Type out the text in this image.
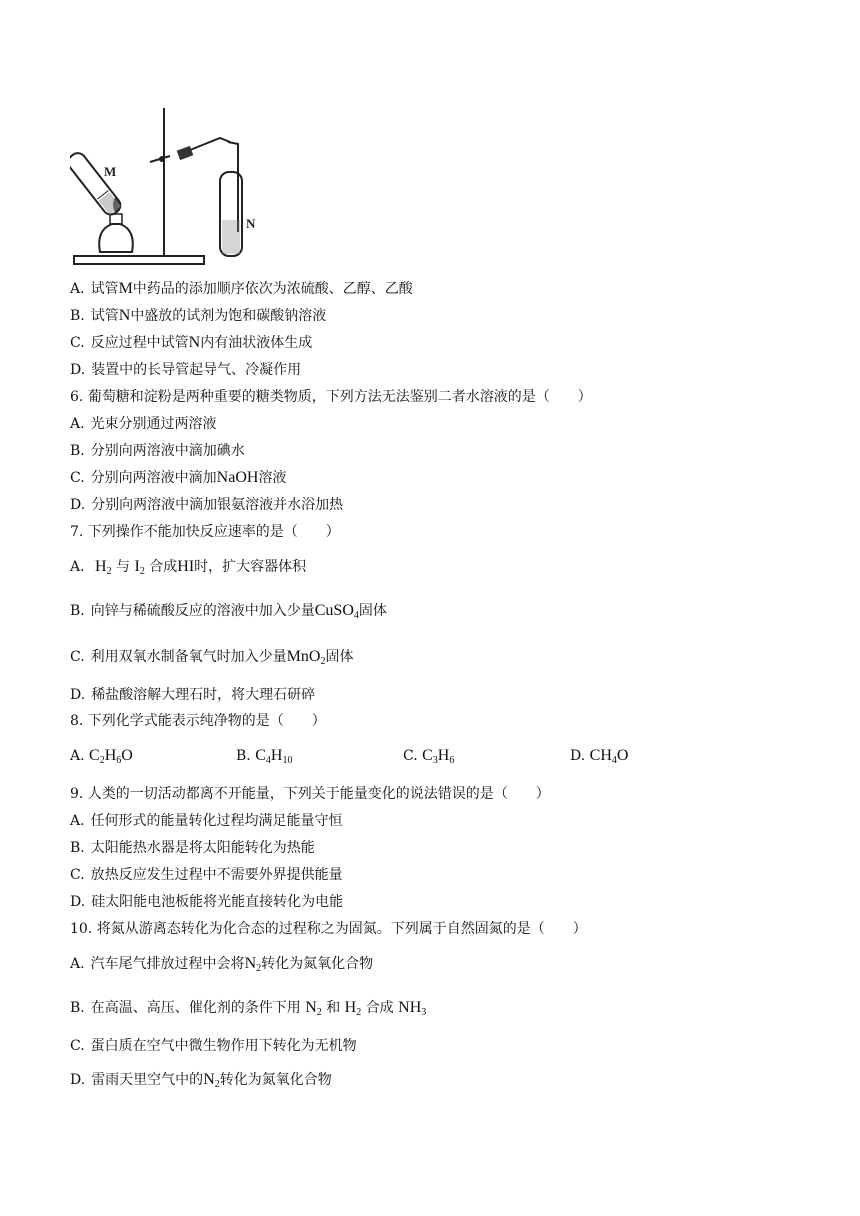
M
N
A. 试管M中药品的添加顺序依次为浓硫酸、乙醇、乙酸
B. 试管N中盛放的试剂为饱和碳酸钠溶液
C. 反应过程中试管N内有油状液体生成
D. 装置中的长导管起导气、冷凝作用
6. 葡萄糖和淀粉是两种重要的糖类物质，下列方法无法鉴别二者水溶液的是（　　）
A. 光束分别通过两溶液
B. 分别向两溶液中滴加碘水
C. 分别向两溶液中滴加NaOH溶液
D. 分别向两溶液中滴加银氨溶液并水浴加热
7. 下列操作不能加快反应速率的是（　　）
A. $H_2$ 与 $I_2$ 合成HI时，扩大容器体积
B. 向锌与稀硫酸反应的溶液中加入少量CuSO$_4$固体
C. 利用双氧水制备氧气时加入少量MnO$_2$固体
D. 稀盐酸溶解大理石时，将大理石研碎
8. 下列化学式能表示纯净物的是（　　）
A. $C_2H_6O$	B. $C_4H_{10}$	C. $C_3H_6$	D. $CH_4O$
9. 人类的一切活动都离不开能量，下列关于能量变化的说法错误的是（　　）
A. 任何形式的能量转化过程均满足能量守恒
B. 太阳能热水器是将太阳能转化为热能
C. 放热反应发生过程中不需要外界提供能量
D. 硅太阳能电池板能将光能直接转化为电能
10. 将氮从游离态转化为化合态的过程称之为固氮。下列属于自然固氮的是（　　）
A. 汽车尾气排放过程中会将$N_2$转化为氮氧化合物
B. 在高温、高压、催化剂的条件下用 $N_2$ 和 $H_2$ 合成 $NH_3$
C. 蛋白质在空气中微生物作用下转化为无机物
D. 雷雨天里空气中的$N_2$转化为氮氧化合物
